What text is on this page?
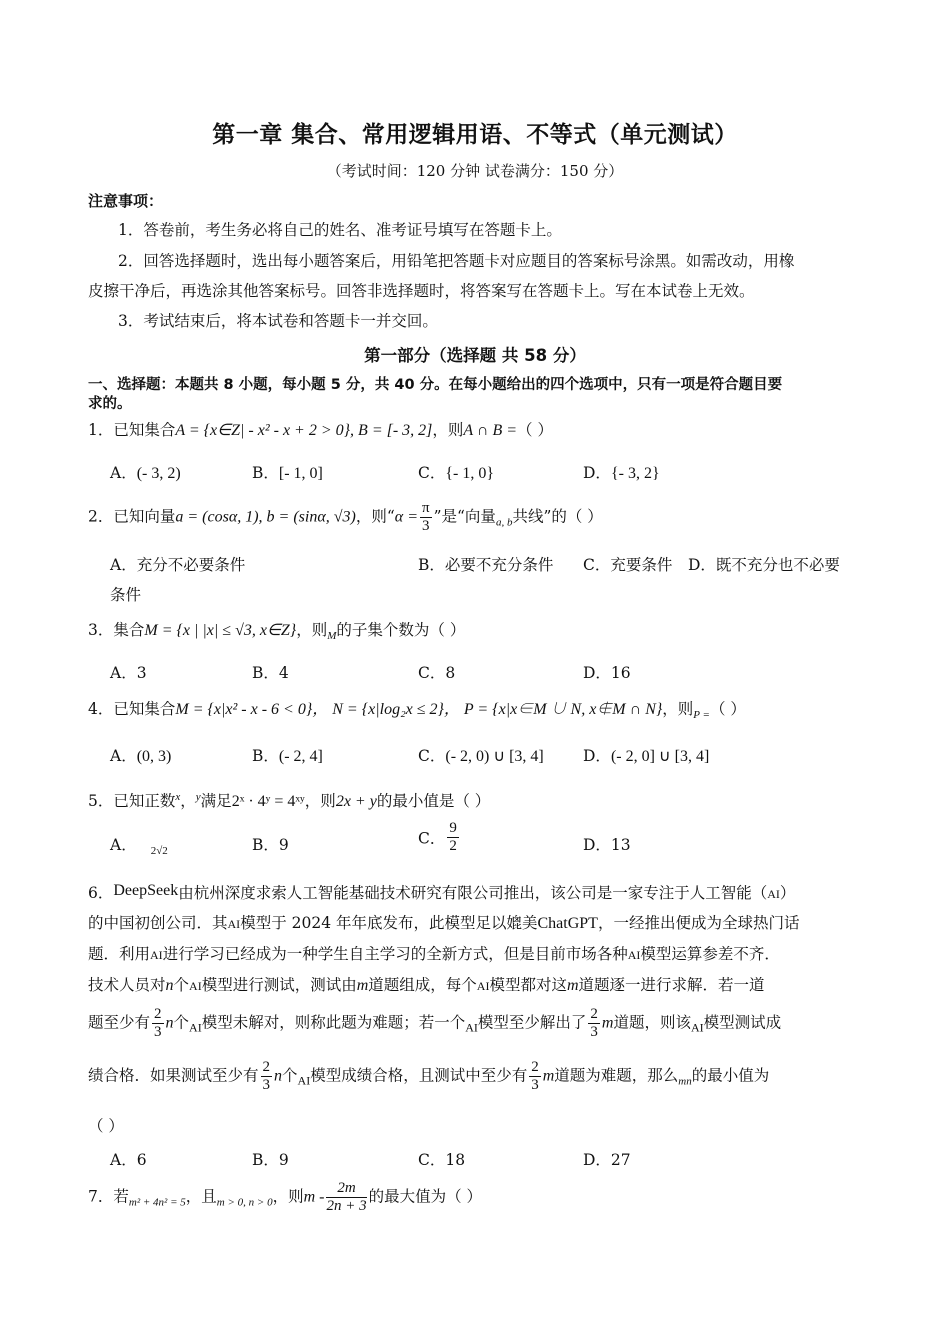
第一章 集合、常用逻辑用语、不等式（单元测试）
（考试时间：120 分钟 试卷满分：150 分）
注意事项：
1．答卷前，考生务必将自己的姓名、准考证号填写在答题卡上。
2．回答选择题时，选出每小题答案后，用铅笔把答题卡对应题目的答案标号涂黑。如需改动，用橡
皮擦干净后，再选涂其他答案标号。回答非选择题时，将答案写在答题卡上。写在本试卷上无效。
3．考试结束后，将本试卷和答题卡一并交回。
第一部分（选择题 共 58 分）
一、选择题：本题共 8 小题，每小题 5 分，共 40 分。在每小题给出的四个选项中，只有一项是符合题目要
求的。
1．已知集合A = {x∈Z| - x² - x + 2 > 0}, B = [- 3, 2]，则A ∩ B =（ ）
A．(- 3, 2)	B．[- 1, 0]	C．{- 1, 0}	D．{- 3, 2}
2．已知向量a = (cosα, 1), b = (sinα, √3)，则“$\alpha = \frac{\pi}{3}$ ”是“向量$_{a, b}$共线”的（ ）
A．充分不必要条件	B．必要不充分条件 C．充要条件 D．既不充分也不必要
条件
3．集合M = {x | |x| ≤ √3, x∈Z}，则$_M$的子集个数为（ ）
A．3	B．4	C．8	D．16
4．已知集合M = {x|x² - x - 6 < 0}， N = {x|log₂x ≤ 2}， P = {x|x∈M ∪ N, x∉M ∩ N}，则$_{P =}$（ ）
A．(0, 3)	B．(- 2, 4]	C．(- 2, 0) ∪ [3, 4]	D．(- 2, 0] ∪ [3, 4]
5．已知正数$^x$，$^y$满足2ˣ · 4ʸ = 4ˣʸ，则2x + y的最小值是（ ）
A． $_{2√2}$	B．9	C． $\frac{9}{2}$	D．13
6．DeepSeek由杭州深度求索人工智能基础技术研究有限公司推出，该公司是一家专注于人工智能（AI）
的中国初创公司．其AI模型于 2024 年年底发布，此模型足以媲美ChatGPT，一经推出便成为全球热门话
题．利用AI进行学习已经成为一种学生自主学习的全新方式，但是目前市场各种AI模型运算参差不齐．
技术人员对n个AI模型进行测试，测试由m道题组成，每个AI模型都对这m道题逐一进行求解．若一道
题至少有 $\frac{2}{3}$ n个$_{AI}$模型未解对，则称此题为难题；若一个$_{AI}$模型至少解出了 $\frac{2}{3}$ m道题，则该$_{AI}$模型测试成
绩合格．如果测试至少有 $\frac{2}{3}$ n个$_{AI}$模型成绩合格，且测试中至少有 $\frac{2}{3}$ m道题为难题，那么$_{mn}$的最小值为
（ ）
A．6	B．9	C．18	D．27
7．若$_{m^2 + 4n^2 = 5}$，且$_{m > 0, n > 0}$，则m - $\frac{2m}{2n + 3}$ 的最大值为（ ）
